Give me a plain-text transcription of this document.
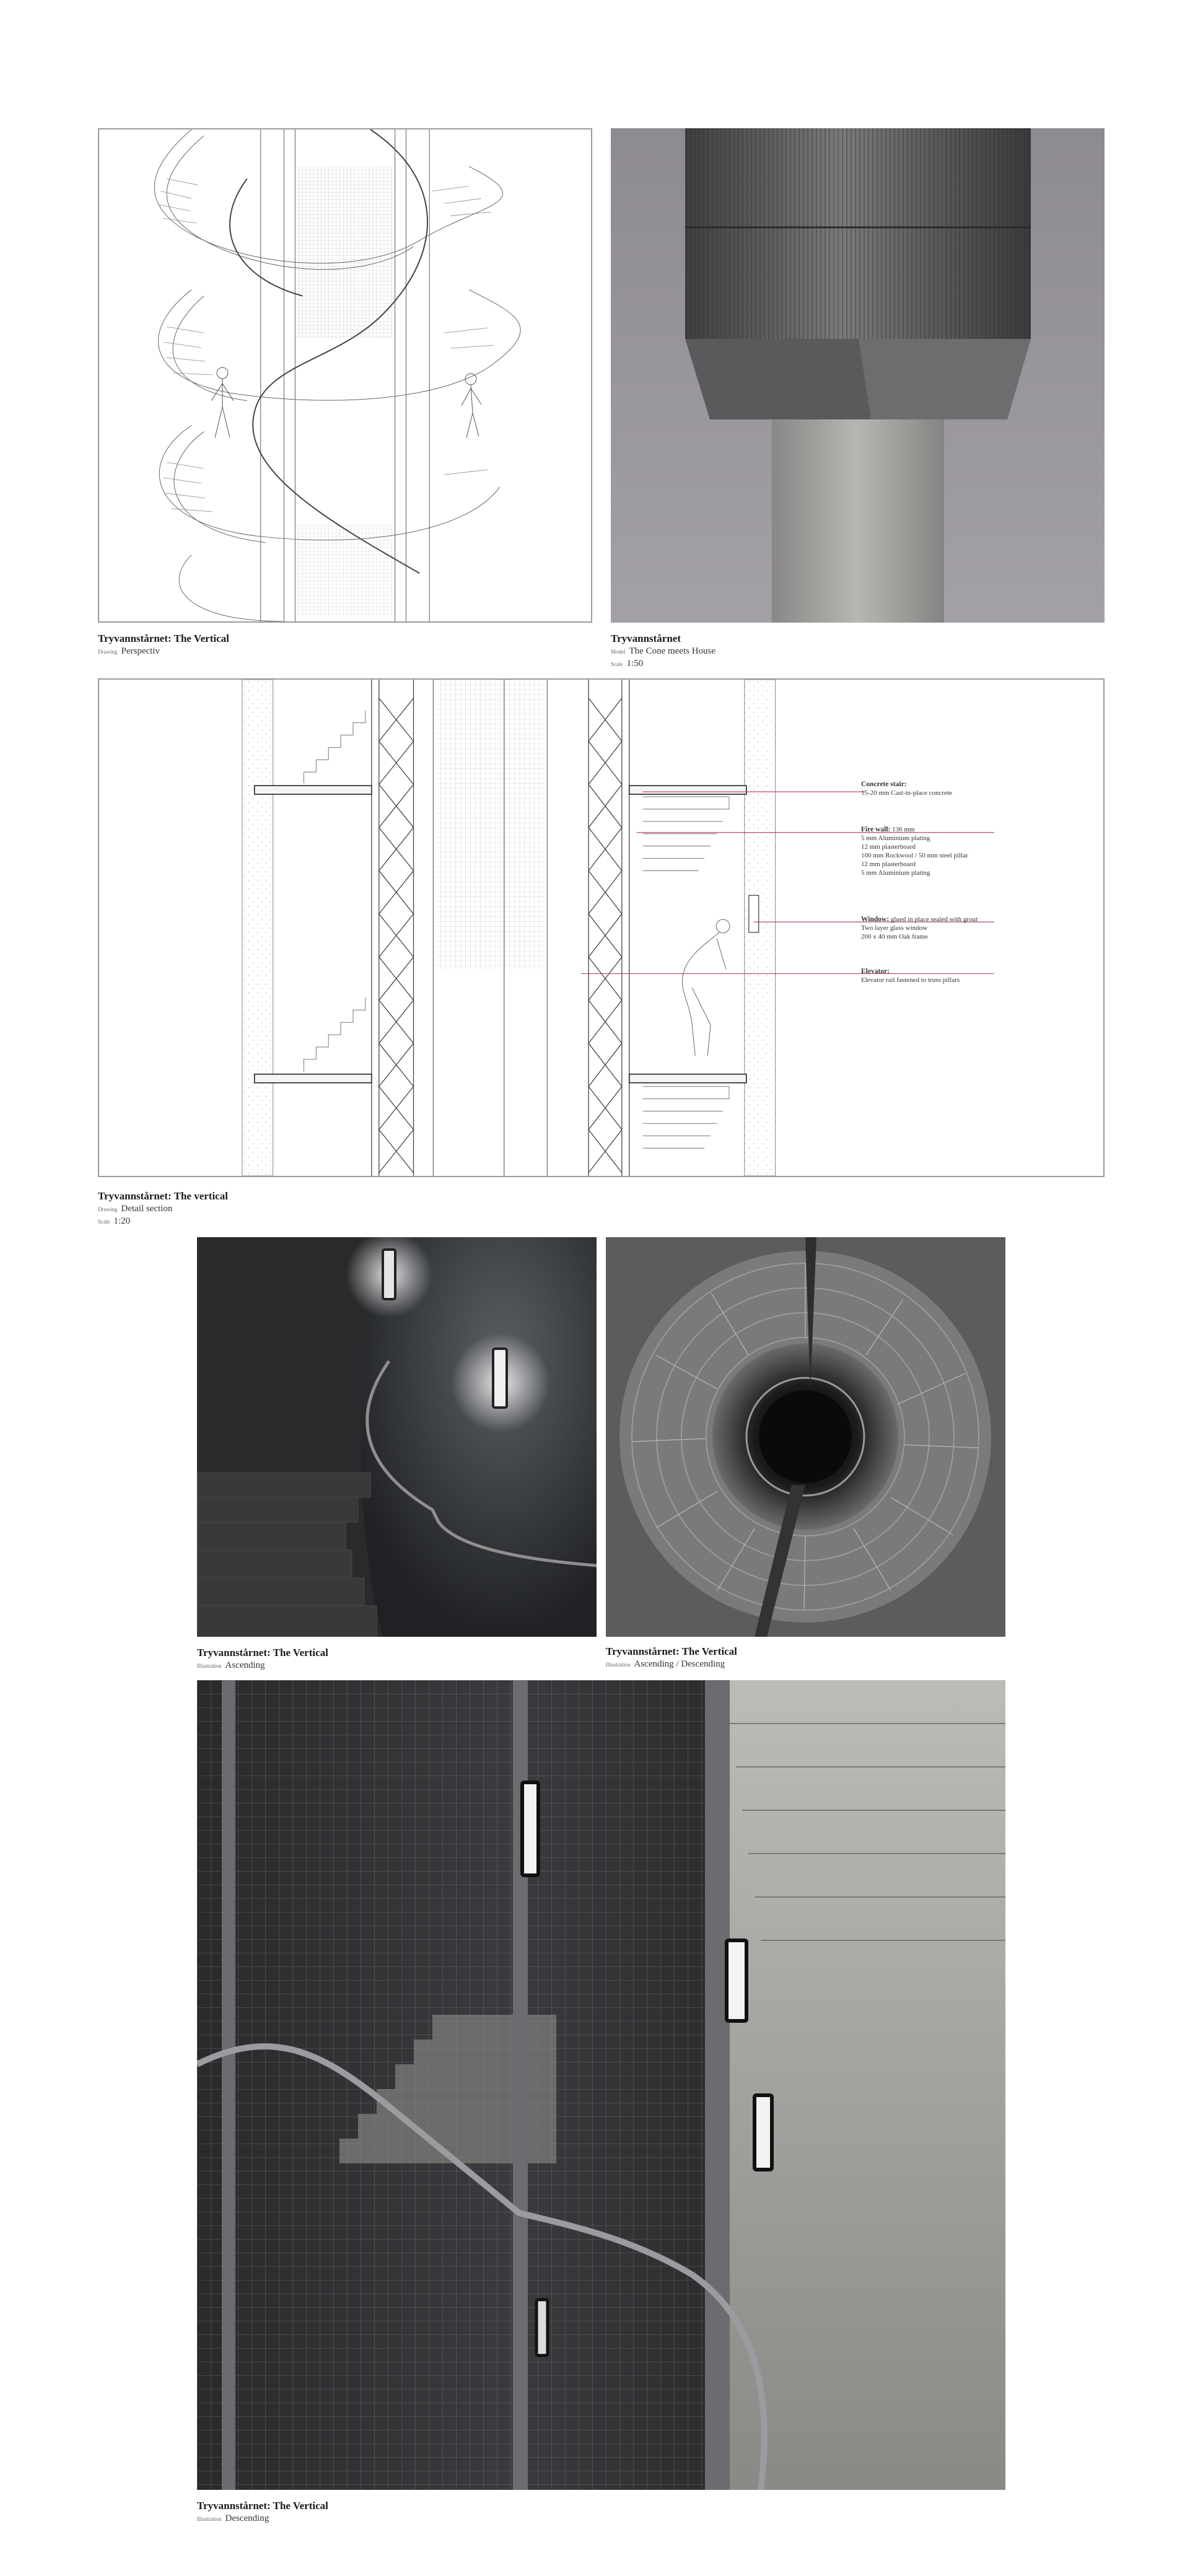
Tryvannstårnet: The Vertical
Drawing Perspectiv
Tryvannstårnet
Model The Cone meets House
Scale 1:50
Concrete stair:
15-20 mm Cast-in-place concrete
Fire wall: 136 mm
5 mm Aluminium plating
12 mm plasterboard
100 mm Rockwool / 50 mm steel pillar
12 mm plasterboard
5 mm Aluminium plating
Window: glued in place sealed with grout
Two layer glass window
200 x 40 mm Oak frame
Elevator:
Elevator rail fastened to truss pillars
Tryvannstårnet: The vertical
Drawing Detail section
Scale 1:20
Tryvannstårnet: The Vertical
Illustration Ascending
Tryvannstårnet: The Vertical
Illustration Ascending / Descending
Tryvannstårnet: The Vertical
Illustration Descending
